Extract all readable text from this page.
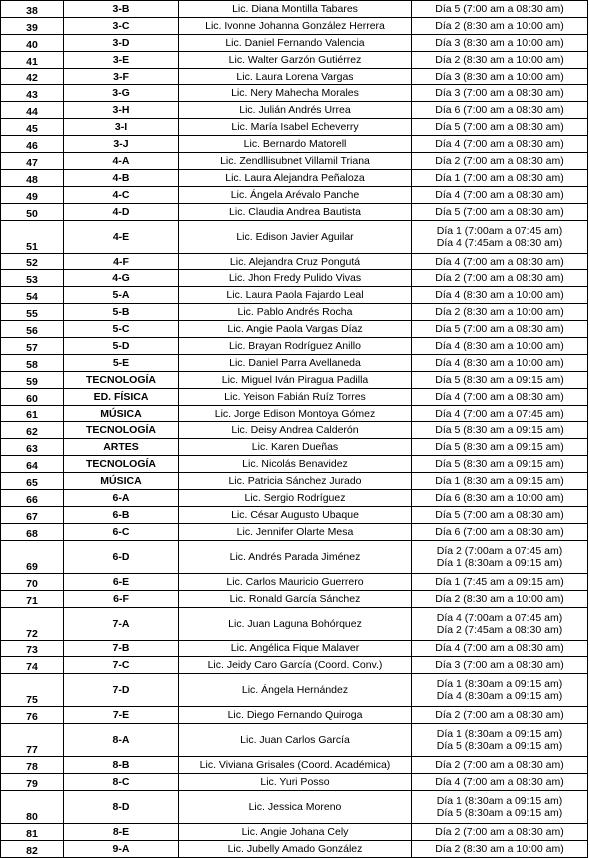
38	3-B	Lic. Diana Montilla Tabares	Día 5 (7:00 am a 08:30 am)

39	3-C	Lic. Ivonne Johanna González Herrera	Día 2 (8:30 am a 10:00 am)

40	3-D	Lic. Daniel Fernando Valencia	Día 3 (8:30 am a 10:00 am)

41	3-E	Lic. Walter Garzón Gutiérrez	Día 2 (8:30 am a 10:00 am)

42	3-F	Lic. Laura Lorena Vargas	Día 3 (8:30 am a 10:00 am)

43	3-G	Lic. Nery Mahecha Morales	Día 3 (7:00 am a 08:30 am)

44	3-H	Lic. Julián Andrés Urrea	Día 6 (7:00 am a 08:30 am)

45	3-I	Lic. María Isabel Echeverry	Día 5 (7:00 am a 08:30 am)

46	3-J	Lic. Bernardo Matorell	Día 4 (7:00 am a 08:30 am)

47	4-A	Lic. Zendllisubnet Villamil Triana	Día 2 (7:00 am a 08:30 am)

48	4-B	Lic. Laura Alejandra Peñaloza	Día 1 (7:00 am a 08:30 am)

49	4-C	Lic. Ángela Arévalo Panche	Día 4 (7:00 am a 08:30 am)

50	4-D	Lic. Claudia Andrea Bautista	Día 5 (7:00 am a 08:30 am)

51	4-E	Lic. Edison Javier Aguilar	Día 1 (7:00am a 07:45 am)
Día 4 (7:45am a 08:30 am)

52	4-F	Lic. Alejandra Cruz Pongutá	Día 4 (7:00 am a 08:30 am)

53	4-G	Lic. Jhon Fredy Pulido Vivas	Día 2 (7:00 am a 08:30 am)

54	5-A	Lic. Laura Paola Fajardo Leal	Día 4 (8:30 am a 10:00 am)

55	5-B	Lic. Pablo Andrés Rocha	Día 2 (8:30 am a 10:00 am)

56	5-C	Lic. Angie Paola Vargas Díaz	Día 5 (7:00 am a 08:30 am)

57	5-D	Lic. Brayan Rodríguez Anillo	Día 4 (8:30 am a 10:00 am)

58	5-E	Lic. Daniel Parra Avellaneda	Día 4 (8:30 am a 10:00 am)

59	TECNOLOGÍA	Lic. Miguel Iván Piragua Padilla	Día 5 (8:30 am a 09:15 am)

60	ED. FÍSICA	Lic. Yeison Fabián Ruíz Torres	Día 4 (7:00 am a 08:30 am)

61	MÚSICA	Lic. Jorge Edison Montoya Gómez	Día 4 (7:00 am a 07:45 am)

62	TECNOLOGÍA	Lic. Deisy Andrea Calderón	Día 5 (8:30 am a 09:15 am)

63	ARTES	Lic. Karen Dueñas	Día 5 (8:30 am a 09:15 am)

64	TECNOLOGÍA	Lic. Nicolás Benavidez	Día 5 (8:30 am a 09:15 am)

65	MÚSICA	Lic. Patricia Sánchez Jurado	Día 1 (8:30 am a 09:15 am)

66	6-A	Lic. Sergio Rodríguez	Día 6 (8:30 am a 10:00 am)

67	6-B	Lic. César Augusto Ubaque	Día 5 (7:00 am a 08:30 am)

68	6-C	Lic. Jennifer Olarte Mesa	Día 6 (7:00 am a 08:30 am)

69	6-D	Lic. Andrés Parada Jiménez	Día 2 (7:00am a 07:45 am)
Día 1 (8:30am a 09:15 am)

70	6-E	Lic. Carlos Mauricio Guerrero	Día 1 (7:45 am a 09:15 am)

71	6-F	Lic. Ronald García Sánchez	Día 2 (8:30 am a 10:00 am)

72	7-A	Lic. Juan Laguna Bohórquez	Día 4 (7:00am a 07:45 am)
Día 2 (7:45am a 08:30 am)

73	7-B	Lic. Angélica Fique Malaver	Día 4 (7:00 am a 08:30 am)

74	7-C	Lic. Jeidy Caro García (Coord. Conv.)	Día 3 (7:00 am a 08:30 am)

75	7-D	Lic. Ángela Hernández	Día 1 (8:30am a 09:15 am)
Día 4 (8:30am a 09:15 am)

76	7-E	Lic. Diego Fernando Quiroga	Día 2 (7:00 am a 08:30 am)

77	8-A	Lic. Juan Carlos García	Día 1 (8:30am a 09:15 am)
Día 5 (8:30am a 09:15 am)

78	8-B	Lic. Viviana Grisales (Coord. Académica)	Día 2 (7:00 am a 08:30 am)

79	8-C	Lic. Yuri Posso	Día 4 (7:00 am a 08:30 am)

80	8-D	Lic. Jessica Moreno	Día 1 (8:30am a 09:15 am)
Día 5 (8:30am a 09:15 am)

81	8-E	Lic. Angie Johana Cely	Día 2 (7:00 am a 08:30 am)

82	9-A	Lic. Jubelly Amado González	Día 2 (8:30 am a 10:00 am)
